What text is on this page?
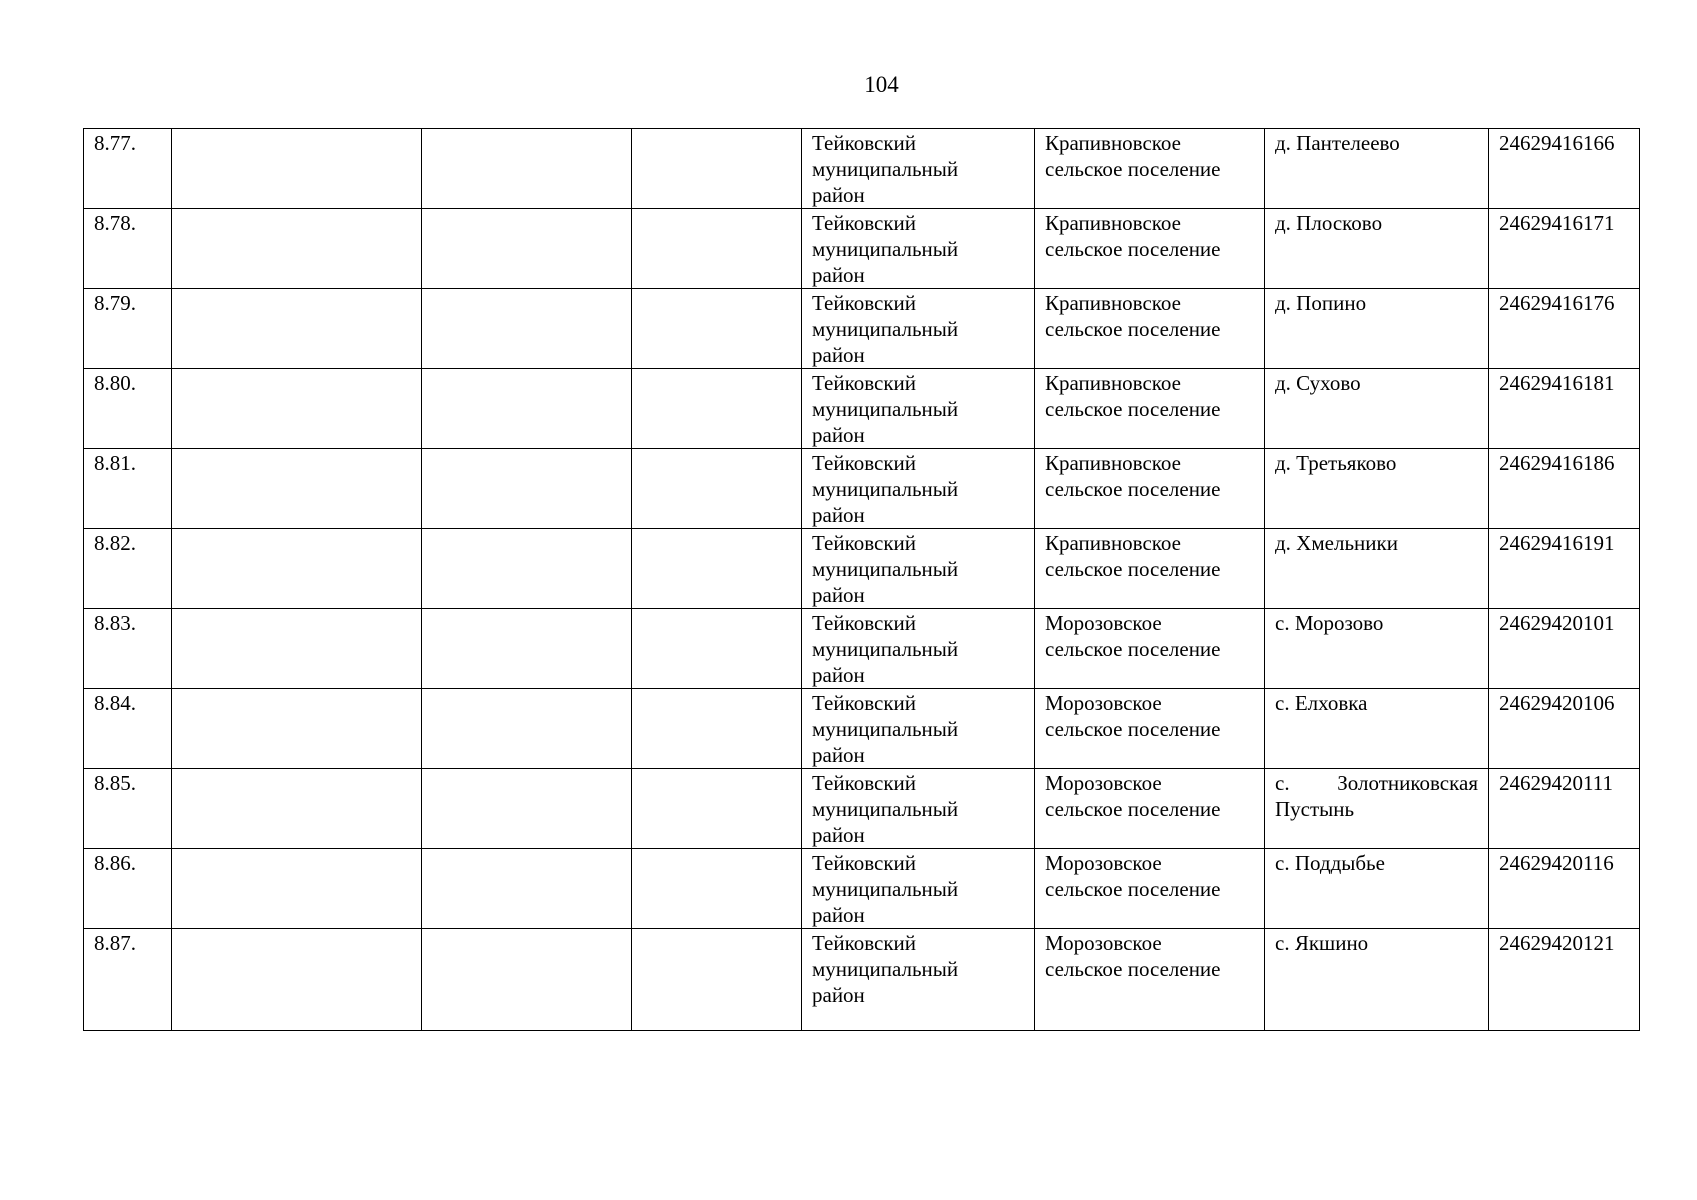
104
8.77.				Тейковский
муниципальный
район	Крапивновское
сельское поселение	д. Пантелеево	24629416166
8.78.				Тейковский
муниципальный
район	Крапивновское
сельское поселение	д. Плосково	24629416171
8.79.				Тейковский
муниципальный
район	Крапивновское
сельское поселение	д. Попино	24629416176
8.80.				Тейковский
муниципальный
район	Крапивновское
сельское поселение	д. Сухово	24629416181
8.81.				Тейковский
муниципальный
район	Крапивновское
сельское поселение	д. Третьяково	24629416186
8.82.				Тейковский
муниципальный
район	Крапивновское
сельское поселение	д. Хмельники	24629416191
8.83.				Тейковский
муниципальный
район	Морозовское
сельское поселение	с. Морозово	24629420101
8.84.				Тейковский
муниципальный
район	Морозовское
сельское поселение	с. Елховка	24629420106
8.85.				Тейковский
муниципальный
район	Морозовское
сельское поселение	с. Золотниковская Пустынь	24629420111
8.86.				Тейковский
муниципальный
район	Морозовское
сельское поселение	с. Поддыбье	24629420116
8.87.				Тейковский
муниципальный
район	Морозовское
сельское поселение	с. Якшино	24629420121
